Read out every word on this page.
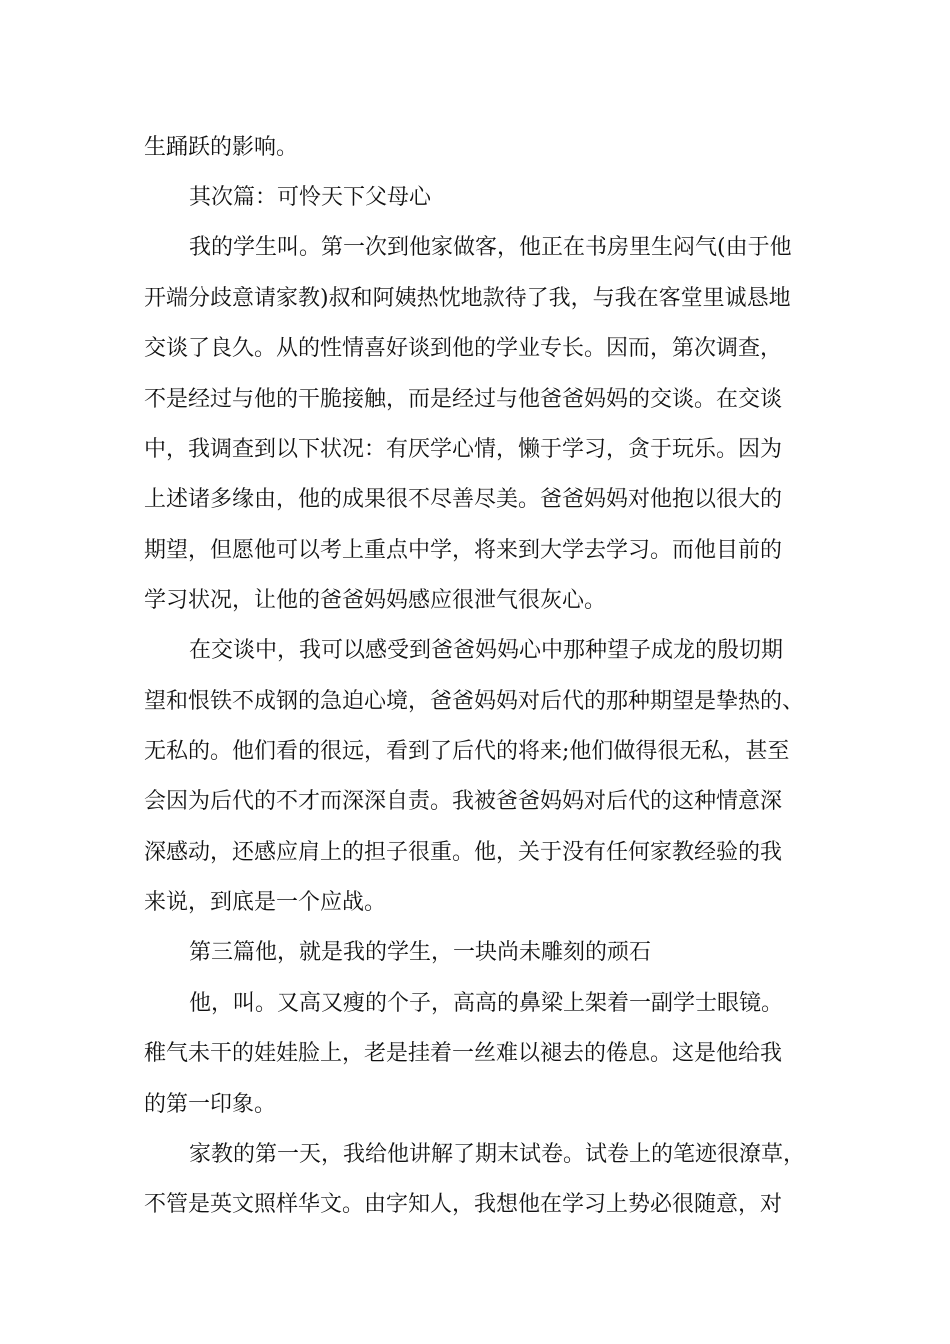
生踊跃的影响。
其次篇：可怜天下父母心
我的学生叫。第一次到他家做客，他正在书房里生闷气(由于他
开端分歧意请家教)叔和阿姨热忱地款待了我，与我在客堂里诚恳地
交谈了良久。从的性情喜好谈到他的学业专长。因而，第次调查，
不是经过与他的干脆接触，而是经过与他爸爸妈妈的交谈。在交谈
中，我调查到以下状况：有厌学心情，懒于学习，贪于玩乐。因为
上述诸多缘由，他的成果很不尽善尽美。爸爸妈妈对他抱以很大的
期望，但愿他可以考上重点中学，将来到大学去学习。而他目前的
学习状况，让他的爸爸妈妈感应很泄气很灰心。
在交谈中，我可以感受到爸爸妈妈心中那种望子成龙的殷切期
望和恨铁不成钢的急迫心境，爸爸妈妈对后代的那种期望是挚热的、
无私的。他们看的很远，看到了后代的将来;他们做得很无私，甚至
会因为后代的不才而深深自责。我被爸爸妈妈对后代的这种情意深
深感动，还感应肩上的担子很重。他，关于没有任何家教经验的我
来说，到底是一个应战。
第三篇他，就是我的学生，一块尚未雕刻的顽石
他，叫。又高又瘦的个子，高高的鼻梁上架着一副学士眼镜。
稚气未干的娃娃脸上，老是挂着一丝难以褪去的倦息。这是他给我
的第一印象。
家教的第一天，我给他讲解了期末试卷。试卷上的笔迹很潦草，
不管是英文照样华文。由字知人，我想他在学习上势必很随意，对
